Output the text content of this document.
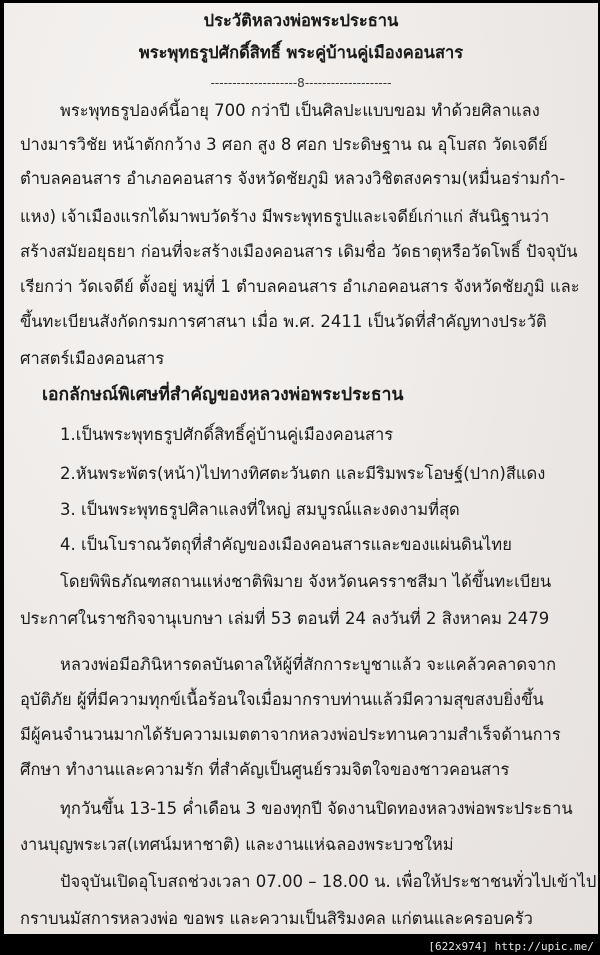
ประวัติหลวงพ่อพระประธาน
พระพุทธรูปศักดิ์สิทธิ์ พระคู่บ้านคู่เมืองคอนสาร
--------------------8--------------------
พระพุทธรูปองค์นี้อายุ 700 กว่าปี เป็นศิลปะแบบขอม ทำด้วยศิลาแลง
ปางมารวิชัย หน้าตักกว้าง 3 ศอก สูง 8 ศอก ประดิษฐาน ณ อุโบสถ วัดเจดีย์
ตำบลคอนสาร อำเภอคอนสาร จังหวัดชัยภูมิ หลวงวิชิตสงคราม(หมื่นอร่ามกำ-
แหง) เจ้าเมืองแรกได้มาพบวัดร้าง มีพระพุทธรูปและเจดีย์เก่าแก่ สันนิฐานว่า
สร้างสมัยอยุธยา ก่อนที่จะสร้างเมืองคอนสาร เดิมชื่อ วัดธาตุหรือวัดโพธิ์ ปัจจุบัน
เรียกว่า วัดเจดีย์ ตั้งอยู่ หมู่ที่ 1 ตำบลคอนสาร อำเภอคอนสาร จังหวัดชัยภูมิ และ
ขึ้นทะเบียนสังกัดกรมการศาสนา เมื่อ พ.ศ. 2411 เป็นวัดที่สำคัญทางประวัติ
ศาสตร์เมืองคอนสาร
เอกลักษณ์พิเศษที่สำคัญของหลวงพ่อพระประธาน
1.เป็นพระพุทธรูปศักดิ์สิทธิ์คู่บ้านคู่เมืองคอนสาร
2.หันพระพัตร(หน้า)ไปทางทิศตะวันตก และมีริมพระโอษฐ์(ปาก)สีแดง
3. เป็นพระพุทธรูปศิลาแลงที่ใหญ่ สมบูรณ์และงดงามที่สุด
4. เป็นโบราณวัตถุที่สำคัญของเมืองคอนสารและของแผ่นดินไทย
โดยพิพิธภัณฑสถานแห่งชาติพิมาย จังหวัดนครราชสีมา ได้ขึ้นทะเบียน
ประกาศในราชกิจจานุเบกษา เล่มที่ 53 ตอนที่ 24 ลงวันที่ 2 สิงหาคม 2479
หลวงพ่อมีอภินิหารดลบันดาลให้ผู้ที่สักการะบูชาแล้ว จะแคล้วคลาดจาก
อุบัติภัย ผู้ที่มีความทุกข์เนื้อร้อนใจเมื่อมากราบท่านแล้วมีความสุขสงบยิ่งขึ้น
มีผู้คนจำนวนมากได้รับความเมตตาจากหลวงพ่อประทานความสำเร็จด้านการ
ศึกษา ทำงานและความรัก ที่สำคัญเป็นศูนย์รวมจิตใจของชาวคอนสาร
ทุกวันขึ้น 13-15 ค่ำเดือน 3 ของทุกปี จัดงานปิดทองหลวงพ่อพระประธาน
งานบุญพระเวส(เทศน์มหาชาติ) และงานแห่ฉลองพระบวชใหม่
ปัจจุบันเปิดอุโบสถช่วงเวลา 07.00 – 18.00 น. เพื่อให้ประชาชนทั่วไปเข้าไป
กราบนมัสการหลวงพ่อ ขอพร และความเป็นสิริมงคล แก่ตนและครอบครัว
[622x974] http://upic.me/
